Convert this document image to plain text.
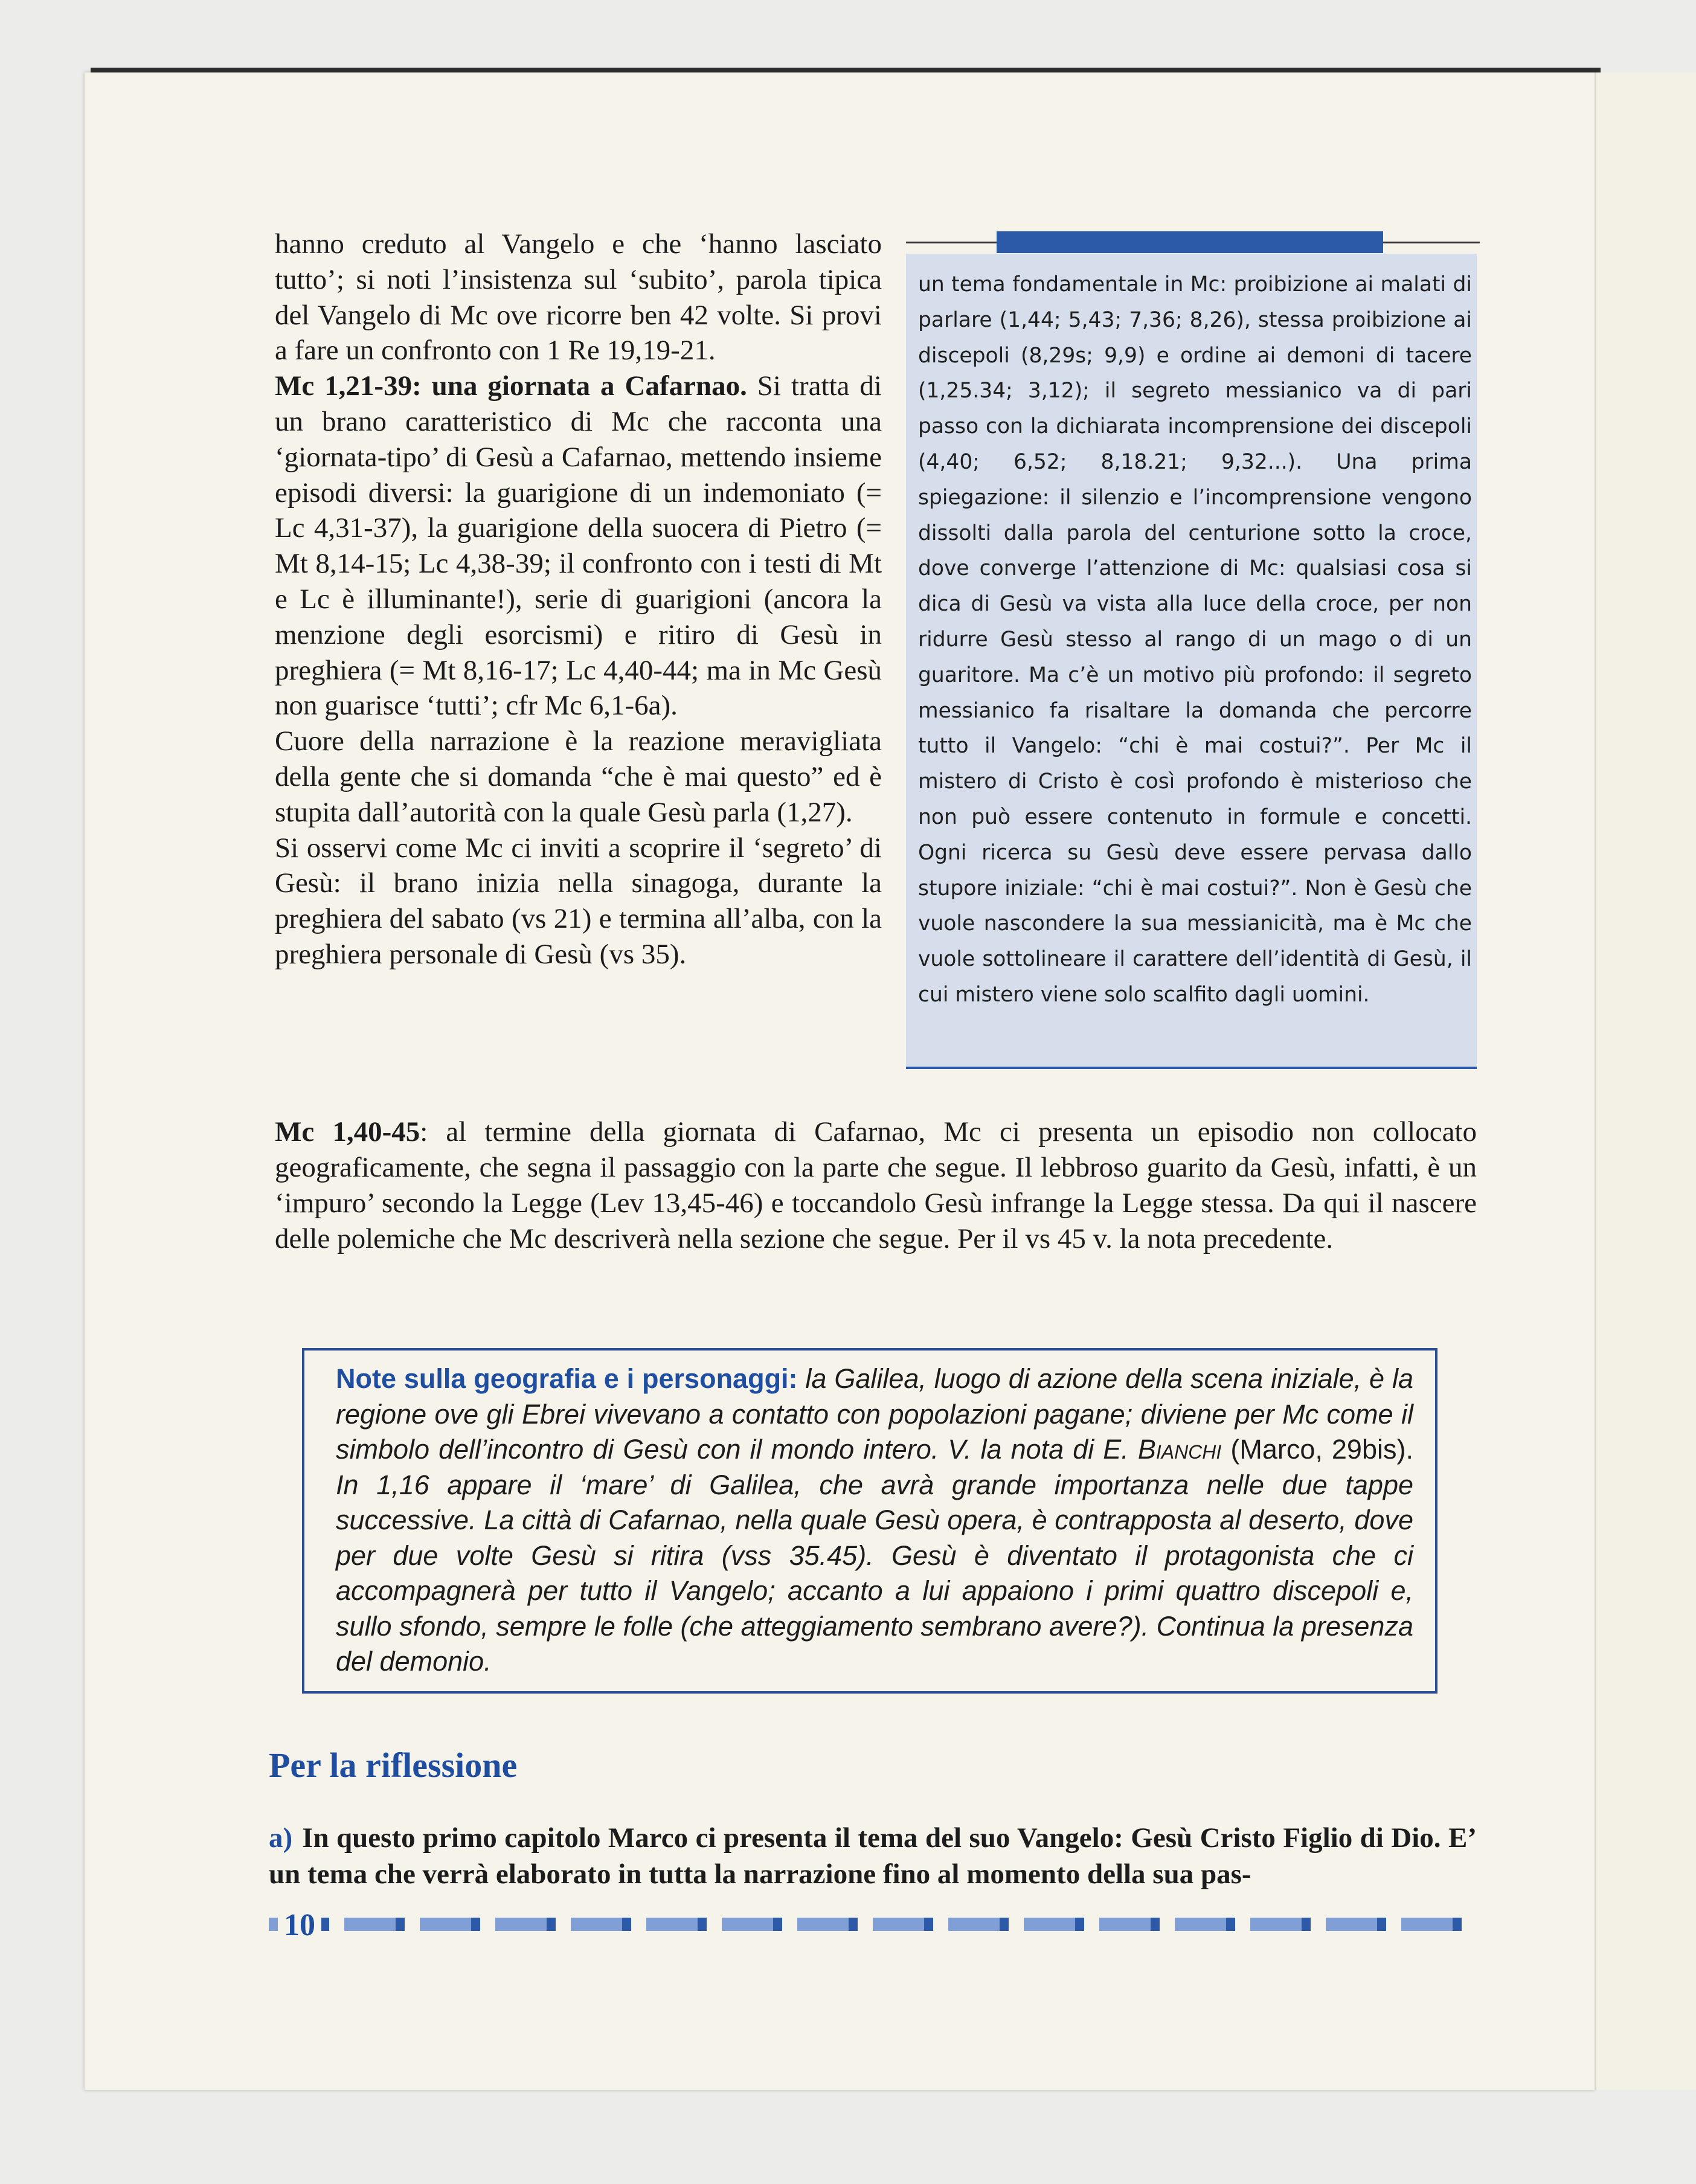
hanno creduto al Vangelo e che ‘hanno lasciato tutto’; si noti l’insistenza sul ‘subito’, parola tipica del Vangelo di Mc ove ricorre ben 42 volte. Si provi a fare un confronto con 1 Re 19,19-21.

Mc 1,21-39: una giornata a Cafarnao. Si tratta di un brano caratteristico di Mc che racconta una ‘giornata-tipo’ di Gesù a Cafarnao, mettendo insieme episodi diversi: la guarigione di un indemoniato (= Lc 4,31-37), la guarigione della suocera di Pietro (= Mt 8,14-15; Lc 4,38-39; il confronto con i testi di Mt e Lc è illuminante!), serie di guarigioni (ancora la menzione degli esorcismi) e ritiro di Gesù in preghiera (= Mt 8,16-17; Lc 4,40-44; ma in Mc Gesù non guarisce ‘tutti’; cfr Mc 6,1-6a).

Cuore della narrazione è la reazione meravigliata della gente che si domanda “che è mai questo” ed è stupita dall’autorità con la quale Gesù parla (1,27).

Si osservi come Mc ci inviti a scoprire il ‘segreto’ di Gesù: il brano inizia nella sinagoga, durante la preghiera del sabato (vs 21) e termina all’alba, con la preghiera personale di Gesù (vs 35).

un tema fondamentale in Mc: proibizione ai malati di parlare (1,44; 5,43; 7,36; 8,26), stessa proibizione ai discepoli (8,29s; 9,9) e ordine ai demoni di tacere (1,25.34; 3,12); il segreto messianico va di pari passo con la dichiarata incomprensione dei discepoli (4,40; 6,52; 8,18.21; 9,32...). Una prima spiegazione: il silenzio e l’incomprensione vengono dissolti dalla parola del centurione sotto la croce, dove converge l’attenzione di Mc: qualsiasi cosa si dica di Gesù va vista alla luce della croce, per non ridurre Gesù stesso al rango di un mago o di un guaritore. Ma c’è un motivo più profondo: il segreto messianico fa risaltare la domanda che percorre tutto il Vangelo: “chi è mai costui?”. Per Mc il mistero di Cristo è così profondo è misterioso che non può essere contenuto in formule e concetti. Ogni ricerca su Gesù deve essere pervasa dallo stupore iniziale: “chi è mai costui?”. Non è Gesù che vuole nascondere la sua messianicità, ma è Mc che vuole sottolineare il carattere dell’identità di Gesù, il cui mistero viene solo scalfito dagli uomini.
Mc 1,40-45: al termine della giornata di Cafarnao, Mc ci presenta un episodio non collocato geograficamente, che segna il passaggio con la parte che segue. Il lebbroso guarito da Gesù, infatti, è un ‘impuro’ secondo la Legge (Lev 13,45-46) e toccandolo Gesù infrange la Legge stessa. Da qui il nascere delle polemiche che Mc descriverà nella sezione che segue. Per il vs 45 v. la nota precedente.
Note sulla geografia e i personaggi: la Galilea, luogo di azione della scena iniziale, è la regione ove gli Ebrei vivevano a contatto con popolazioni pagane; diviene per Mc come il simbolo dell’incontro di Gesù con il mondo intero. V. la nota di E. Bianchi (Marco, 29bis). In 1,16 appare il ‘mare’ di Galilea, che avrà grande importanza nelle due tappe successive. La città di Cafarnao, nella quale Gesù opera, è contrapposta al deserto, dove per due volte Gesù si ritira (vss 35.45). Gesù è diventato il protagonista che ci accompagnerà per tutto il Vangelo; accanto a lui appaiono i primi quattro discepoli e, sullo sfondo, sempre le folle (che atteggiamento sembrano avere?). Continua la presenza del demonio.
Per la riflessione
a) In questo primo capitolo Marco ci presenta il tema del suo Vangelo: Gesù Cristo Figlio di Dio. E’ un tema che verrà elaborato in tutta la narrazione fino al momento della sua pas-
10
